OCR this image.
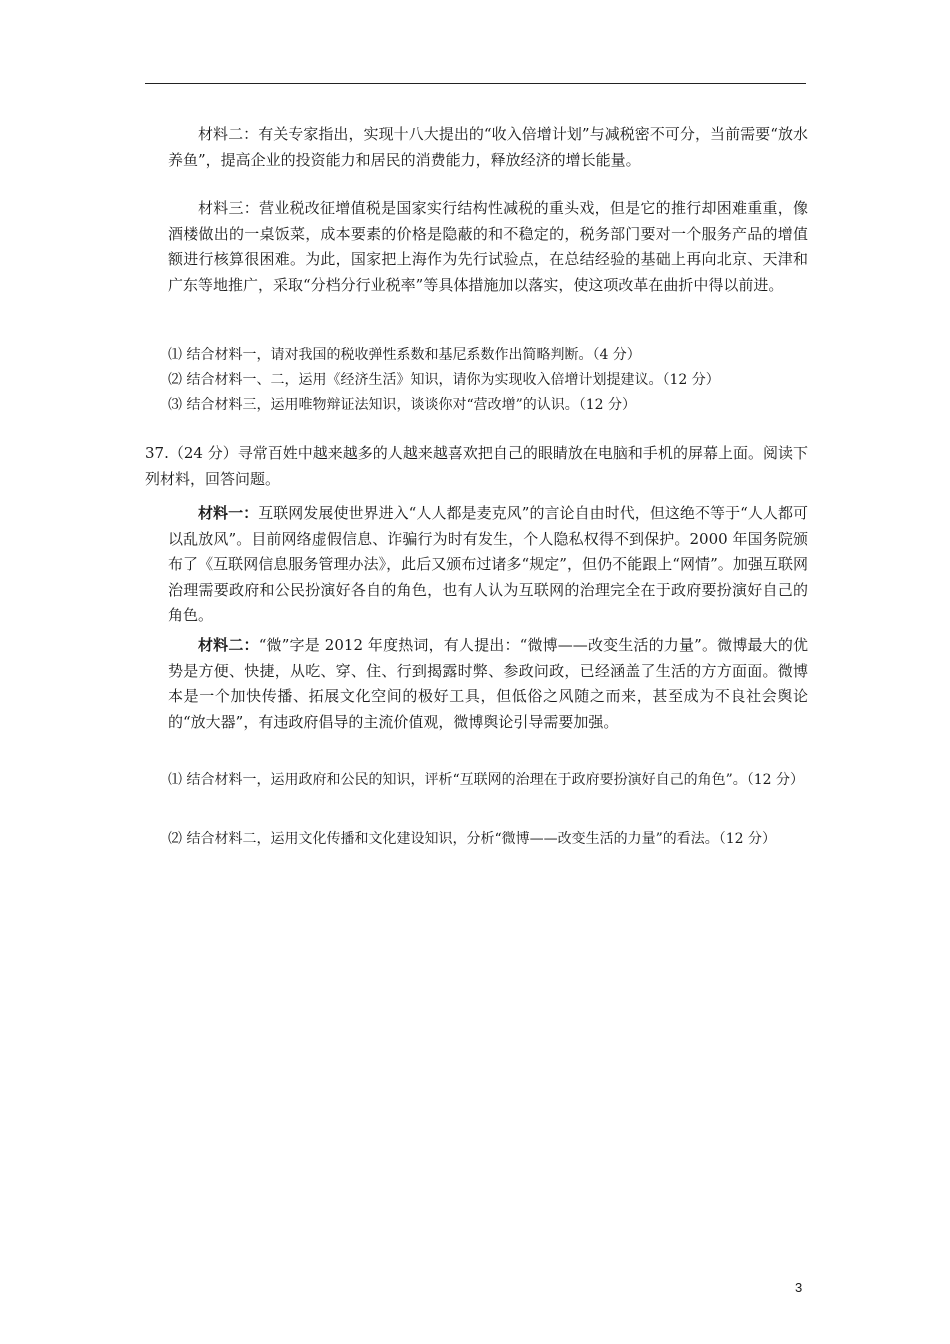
材料二：有关专家指出，实现十八大提出的“收入倍增计划”与减税密不可分，当前需要“放水养鱼”，提高企业的投资能力和居民的消费能力，释放经济的增长能量。

材料三：营业税改征增值税是国家实行结构性减税的重头戏，但是它的推行却困难重重，像酒楼做出的一桌饭菜，成本要素的价格是隐蔽的和不稳定的，税务部门要对一个服务产品的增值额进行核算很困难。为此，国家把上海作为先行试验点，在总结经验的基础上再向北京、天津和广东等地推广，采取“分档分行业税率”等具体措施加以落实，使这项改革在曲折中得以前进。

⑴ 结合材料一，请对我国的税收弹性系数和基尼系数作出简略判断。（4 分）

⑵ 结合材料一、二，运用《经济生活》知识，请你为实现收入倍增计划提建议。（12 分）

⑶ 结合材料三，运用唯物辩证法知识，谈谈你对“营改增”的认识。（12 分）

37.（24 分）寻常百姓中越来越多的人越来越喜欢把自己的眼睛放在电脑和手机的屏幕上面。阅读下列材料，回答问题。

材料一：互联网发展使世界进入“人人都是麦克风”的言论自由时代，但这绝不等于“人人都可以乱放风”。目前网络虚假信息、诈骗行为时有发生，个人隐私权得不到保护。2000 年国务院颁布了《互联网信息服务管理办法》，此后又颁布过诸多“规定”，但仍不能跟上“网情”。加强互联网治理需要政府和公民扮演好各自的角色，也有人认为互联网的治理完全在于政府要扮演好自己的角色。

材料二：“微”字是 2012 年度热词，有人提出：“微博——改变生活的力量”。微博最大的优势是方便、快捷，从吃、穿、住、行到揭露时弊、参政问政，已经涵盖了生活的方方面面。微博本是一个加快传播、拓展文化空间的极好工具，但低俗之风随之而来，甚至成为不良社会舆论的“放大器”，有违政府倡导的主流价值观，微博舆论引导需要加强。

⑴ 结合材料一，运用政府和公民的知识，评析“互联网的治理在于政府要扮演好自己的角色”。（12 分）

⑵ 结合材料二，运用文化传播和文化建设知识，分析“微博——改变生活的力量”的看法。（12 分）

3
